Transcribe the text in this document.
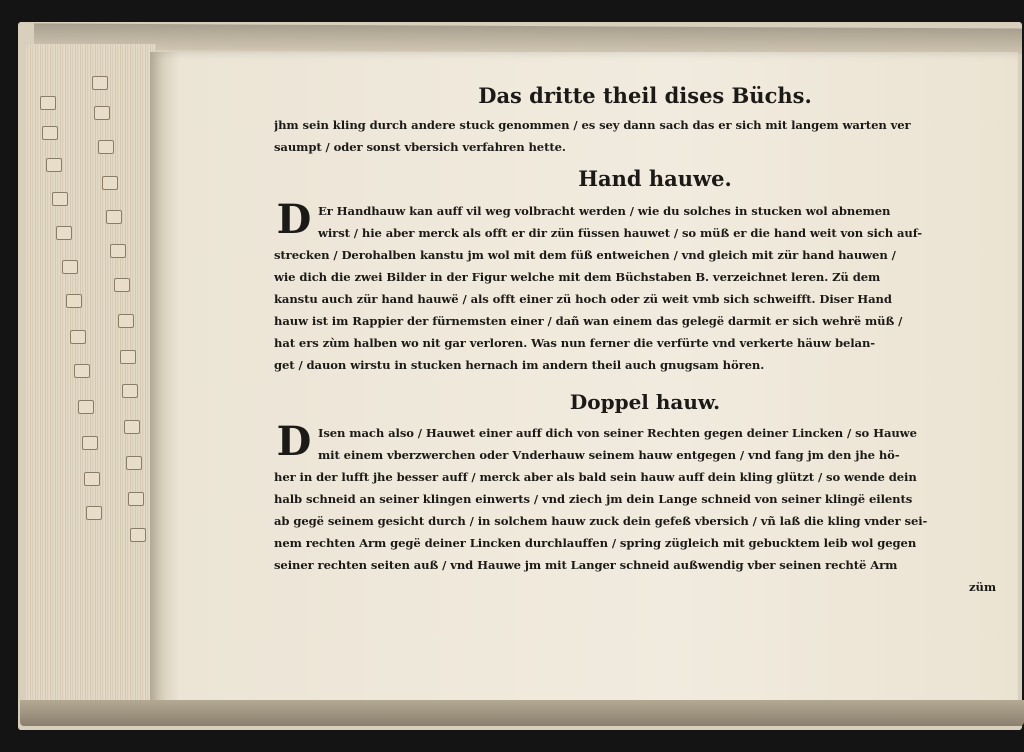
Das dritte theil dises Büchs.
jhm sein kling durch andere stuck genommen / es sey dann sach das er sich mit langem warten ver
saumpt / oder sonst vbersich verfahren hette.
Hand hauwe.
D Er Handhauw kan auff vil weg volbracht werden / wie du solches in stucken wol abnemen
wirst / hie aber merck als offt er dir zün füssen hauwet / so müß er die hand weit von sich auf-
strecken / Derohalben kanstu jm wol mit dem füß entweichen / vnd gleich mit zür hand hauwen /
wie dich die zwei Bilder in der Figur welche mit dem Büchstaben B. verzeichnet leren. Zü dem
kanstu auch zür hand hauwë / als offt einer zü hoch oder zü weit vmb sich schweifft. Diser Hand
hauw ist im Rappier der fürnemsten einer / dañ wan einem das gelegë darmit er sich wehrë müß /
hat ers zùm halben wo nit gar verloren. Was nun ferner die verfürte vnd verkerte häuw belan-
get / dauon wirstu in stucken hernach im andern theil auch gnugsam hören.
Doppel hauw.
D Isen mach also / Hauwet einer auff dich von seiner Rechten gegen deiner Lincken / so Hauwe
mit einem vberzwerchen oder Vnderhauw seinem hauw entgegen / vnd fang jm den jhe hö-
her in der lufft jhe besser auff / merck aber als bald sein hauw auff dein kling glützt / so wende dein
halb schneid an seiner klingen einwerts / vnd ziech jm dein Lange schneid von seiner klingë eilents
ab gegë seinem gesicht durch / in solchem hauw zuck dein gefeß vbersich / vñ laß die kling vnder sei-
nem rechten Arm gegë deiner Lincken durchlauffen / spring zügleich mit gebucktem leib wol gegen
seiner rechten seiten auß / vnd Hauwe jm mit Langer schneid außwendig vber seinen rechtë Arm
züm
